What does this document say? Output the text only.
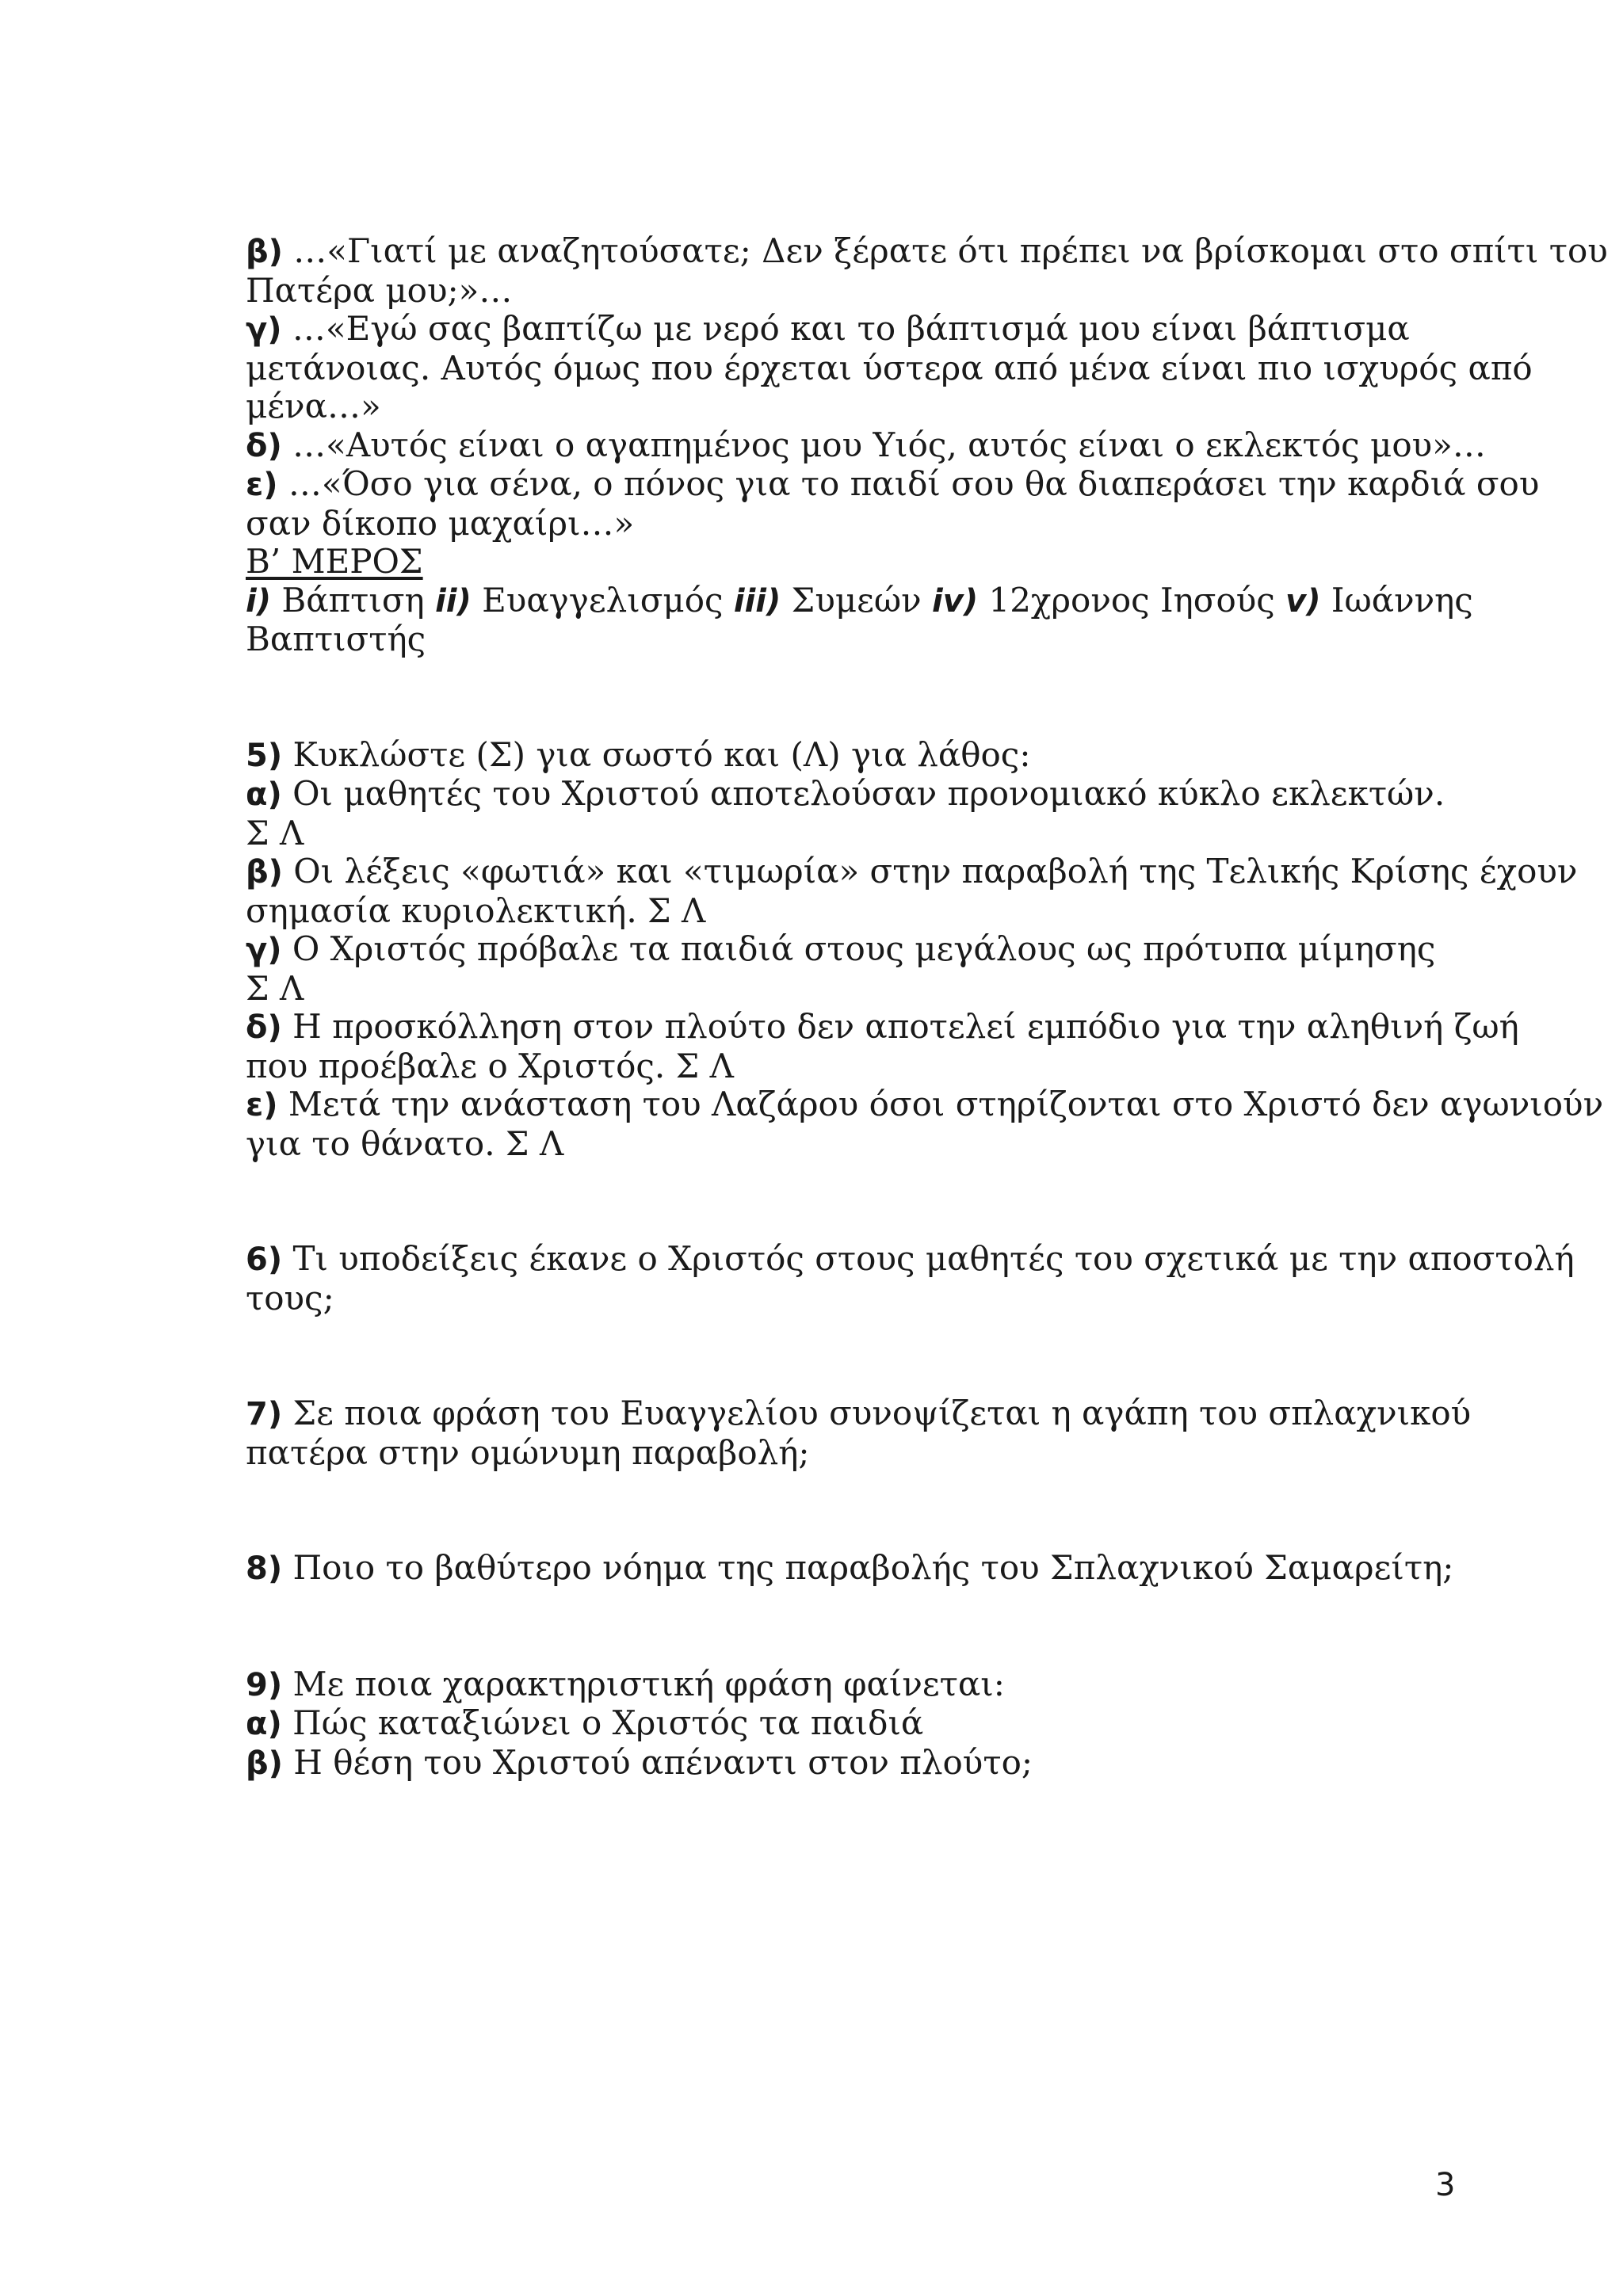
β) …«Γιατί με αναζητούσατε; Δεν ξέρατε ότι πρέπει να βρίσκομαι στο σπίτι του

Πατέρα μου;»…

γ) …«Εγώ σας βαπτίζω με νερό και το βάπτισμά μου είναι βάπτισμα

μετάνοιας. Αυτός όμως που έρχεται ύστερα από μένα είναι πιο ισχυρός από

μένα…»

δ) …«Αυτός είναι ο αγαπημένος μου Υιός, αυτός είναι ο εκλεκτός μου»…

ε) …«Όσο για σένα, ο πόνος για το παιδί σου θα διαπεράσει την καρδιά σου

σαν δίκοπο μαχαίρι…»

Β’ ΜΕΡΟΣ

i) Βάπτιση ii) Ευαγγελισμός iii) Συμεών iv) 12χρονος Ιησούς v) Ιωάννης

Βαπτιστής

5) Κυκλώστε (Σ) για σωστό και (Λ) για λάθος:

α) Οι μαθητές του Χριστού αποτελούσαν προνομιακό κύκλο εκλεκτών.

Σ Λ

β) Οι λέξεις «φωτιά» και «τιμωρία» στην παραβολή της Τελικής Κρίσης έχουν

σημασία κυριολεκτική. Σ Λ

γ) Ο Χριστός πρόβαλε τα παιδιά στους μεγάλους ως πρότυπα μίμησης

Σ Λ

δ) Η προσκόλληση στον πλούτο δεν αποτελεί εμπόδιο για την αληθινή ζωή

που προέβαλε ο Χριστός. Σ Λ

ε) Μετά την ανάσταση του Λαζάρου όσοι στηρίζονται στο Χριστό δεν αγωνιούν

για το θάνατο. Σ Λ

6) Τι υποδείξεις έκανε ο Χριστός στους μαθητές του σχετικά με την αποστολή

τους;

7) Σε ποια φράση του Ευαγγελίου συνοψίζεται η αγάπη του σπλαχνικού

πατέρα στην ομώνυμη παραβολή;

8) Ποιο το βαθύτερο νόημα της παραβολής του Σπλαχνικού Σαμαρείτη;

9) Με ποια χαρακτηριστική φράση φαίνεται:

α) Πώς καταξιώνει ο Χριστός τα παιδιά

β) Η θέση του Χριστού απέναντι στον πλούτο;

3
